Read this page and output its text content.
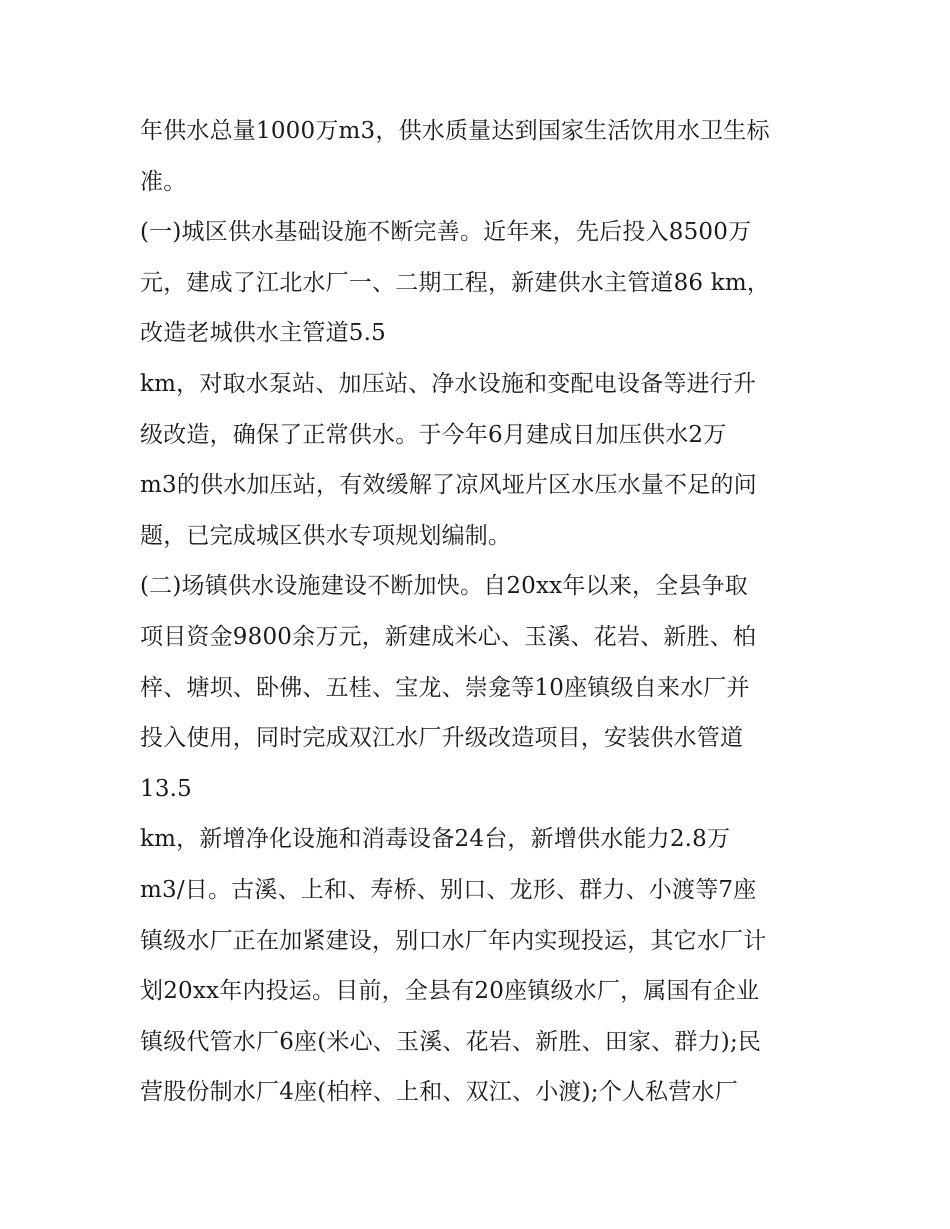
年供水总量1000万m3，供水质量达到国家生活饮用水卫生标
准。
(一)城区供水基础设施不断完善。近年来，先后投入8500万
元，建成了江北水厂一、二期工程，新建供水主管道86 km，
改造老城供水主管道5.5
km，对取水泵站、加压站、净水设施和变配电设备等进行升
级改造，确保了正常供水。于今年6月建成日加压供水2万
m3的供水加压站，有效缓解了凉风垭片区水压水量不足的问
题，已完成城区供水专项规划编制。
(二)场镇供水设施建设不断加快。自20xx年以来，全县争取
项目资金9800余万元，新建成米心、玉溪、花岩、新胜、柏
梓、塘坝、卧佛、五桂、宝龙、崇龛等10座镇级自来水厂并
投入使用，同时完成双江水厂升级改造项目，安装供水管道
13.5
km，新增净化设施和消毒设备24台，新增供水能力2.8万
m3/日。古溪、上和、寿桥、别口、龙形、群力、小渡等7座
镇级水厂正在加紧建设，别口水厂年内实现投运，其它水厂计
划20xx年内投运。目前，全县有20座镇级水厂，属国有企业
镇级代管水厂6座(米心、玉溪、花岩、新胜、田家、群力);民
营股份制水厂4座(柏梓、上和、双江、小渡);个人私营水厂
